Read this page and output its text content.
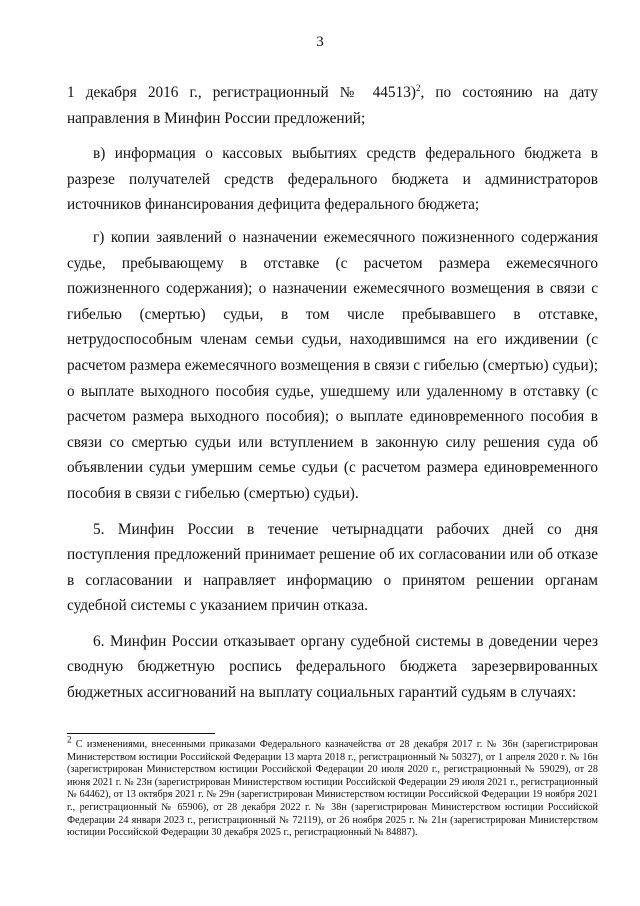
3

1 декабря 2016 г., регистрационный № 44513)$^2$, по состоянию на дату направления в Минфин России предложений;

в) информация о кассовых выбытиях средств федерального бюджета в разрезе получателей средств федерального бюджета и администраторов источников финансирования дефицита федерального бюджета;

г) копии заявлений о назначении ежемесячного пожизненного содержания судье, пребывающему в отставке (с расчетом размера ежемесячного пожизненного содержания); о назначении ежемесячного возмещения в связи с гибелью (смертью) судьи, в том числе пребывавшего в отставке, нетрудоспособным членам семьи судьи, находившимся на его иждивении (с расчетом размера ежемесячного возмещения в связи с гибелью (смертью) судьи); о выплате выходного пособия судье, ушедшему или удаленному в отставку (с расчетом размера выходного пособия); о выплате единовременного пособия в связи со смертью судьи или вступлением в законную силу решения суда об объявлении судьи умершим семье судьи (с расчетом размера единовременного пособия в связи с гибелью (смертью) судьи).

5. Минфин России в течение четырнадцати рабочих дней со дня поступления предложений принимает решение об их согласовании или об отказе в согласовании и направляет информацию о принятом решении органам судебной системы с указанием причин отказа.

6. Минфин России отказывает органу судебной системы в доведении через сводную бюджетную роспись федерального бюджета зарезервированных бюджетных ассигнований на выплату социальных гарантий судьям в случаях:

$^2$ С изменениями, внесенными приказами Федерального казначейства от 28 декабря 2017 г. № 36н (зарегистрирован Министерством юстиции Российской Федерации 13 марта 2018 г., регистрационный № 50327), от 1 апреля 2020 г. № 16н (зарегистрирован Министерством юстиции Российской Федерации 20 июля 2020 г., регистрационный № 59029), от 28 июня 2021 г. № 23н (зарегистрирован Министерством юстиции Российской Федерации 29 июля 2021 г., регистрационный № 64462), от 13 октября 2021 г. № 29н (зарегистрирован Министерством юстиции Российской Федерации 19 ноября 2021 г., регистрационный № 65906), от 28 декабря 2022 г. № 38н (зарегистрирован Министерством юстиции Российской Федерации 24 января 2023 г., регистрационный № 72119), от 26 ноября 2025 г. № 21н (зарегистрирован Министерством юстиции Российской Федерации 30 декабря 2025 г., регистрационный № 84887).
